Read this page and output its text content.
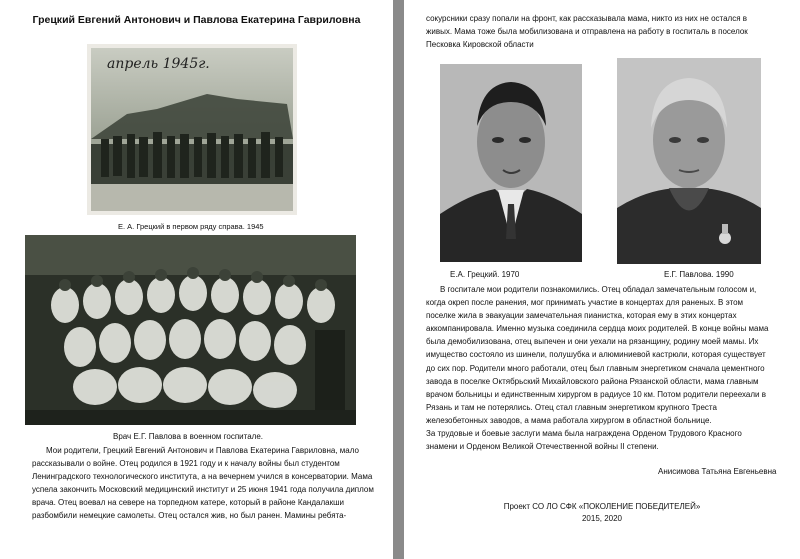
Грецкий Евгений Антонович и Павлова Екатерина Гавриловна
апрель 1945г.
Е. А. Грецкий в первом ряду справа. 1945
Врач Е.Г. Павлова в военном госпитале.
Мои родители, Грецкий Евгений Антонович и Павлова Екатерина Гавриловна, мало
рассказывали о войне. Отец родился в 1921 году и к началу войны был студентом
Ленинградского технологического института, а на вечернем учился в консерватории. Мама
успела закончить Московский медицинский институт и 25 июня 1941 года получила диплом
врача. Отец воевал на севере на торпедном катере, который в районе Кандалакши
разбомбили немецкие самолеты. Отец остался жив, но был ранен. Мамины ребята-
сокурсники сразу попали на фронт, как рассказывала мама, никто из них не остался в
живых. Мама тоже была мобилизована и отправлена на работу в госпиталь в поселок
Песковка Кировской области
Е.А. Грецкий. 1970	Е.Г. Павлова. 1990
В госпитале мои родители познакомились. Отец обладал замечательным голосом и,
когда окреп после ранения, мог принимать участие в концертах для раненых. В этом
поселке жила в эвакуации замечательная пианистка, которая ему в этих концертах
аккомпанировала. Именно музыка соединила сердца моих родителей. В конце войны мама
была демобилизована, отец выпечен и они уехали на рязанщину, родину моей мамы. Их
имущество состояло из шинели, полушубка и алюминиевой кастрюли, которая существует
до сих пор. Родители много работали, отец был главным энергетиком сначала цементного
завода в поселке Октябрьский Михайловского района Рязанской области, мама главным
врачом больницы и единственным хирургом в радиусе 10 км. Потом родители переехали в
Рязань и там не потерялись. Отец стал главным энергетиком крупного Треста
железобетонных заводов, а мама работала хирургом в областной больнице.
За трудовые и боевые заслуги мама была награждена Орденом Трудового Красного
знамени и Орденом Великой Отечественной войны II степени.
Анисимова Татьяна Евгеньевна
Проект СО ЛО СФК «ПОКОЛЕНИЕ ПОБЕДИТЕЛЕЙ»
2015, 2020
